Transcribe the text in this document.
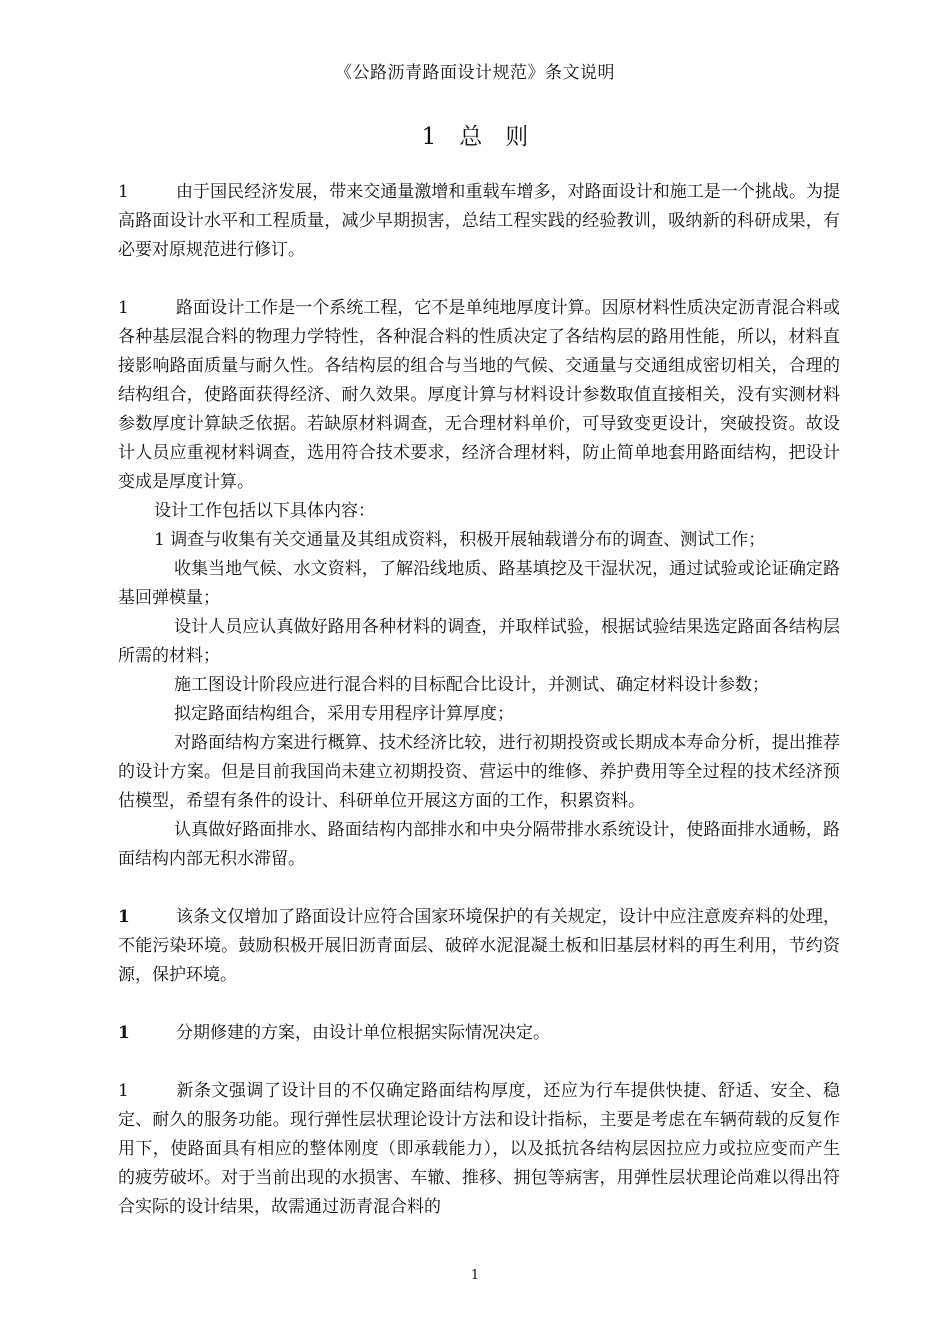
《公路沥青路面设计规范》条文说明
1　总　则

1	由于国民经济发展，带来交通量激增和重载车增多，对路面设计和施工是一个挑战。为提高路面设计水平和工程质量，减少早期损害，总结工程实践的经验教训，吸纳新的科研成果，有必要对原规范进行修订。

1	路面设计工作是一个系统工程，它不是单纯地厚度计算。因原材料性质决定沥青混合料或各种基层混合料的物理力学特性，各种混合料的性质决定了各结构层的路用性能，所以，材料直接影响路面质量与耐久性。各结构层的组合与当地的气候、交通量与交通组成密切相关，合理的结构组合，使路面获得经济、耐久效果。厚度计算与材料设计参数取值直接相关，没有实测材料参数厚度计算缺乏依据。若缺原材料调查，无合理材料单价，可导致变更设计，突破投资。故设计人员应重视材料调查，选用符合技术要求，经济合理材料，防止简单地套用路面结构，把设计变成是厚度计算。

设计工作包括以下具体内容：

1 调查与收集有关交通量及其组成资料，积极开展轴载谱分布的调查、测试工作；

收集当地气候、水文资料，了解沿线地质、路基填挖及干湿状况，通过试验或论证确定路基回弹模量；

设计人员应认真做好路用各种材料的调查，并取样试验，根据试验结果选定路面各结构层所需的材料；

施工图设计阶段应进行混合料的目标配合比设计，并测试、确定材料设计参数；

拟定路面结构组合，采用专用程序计算厚度；

对路面结构方案进行概算、技术经济比较，进行初期投资或长期成本寿命分析，提出推荐的设计方案。但是目前我国尚未建立初期投资、营运中的维修、养护费用等全过程的技术经济预估模型，希望有条件的设计、科研单位开展这方面的工作，积累资料。

认真做好路面排水、路面结构内部排水和中央分隔带排水系统设计，使路面排水通畅，路面结构内部无积水滞留。

1	该条文仅增加了路面设计应符合国家环境保护的有关规定，设计中应注意废弃料的处理，不能污染环境。鼓励积极开展旧沥青面层、破碎水泥混凝土板和旧基层材料的再生利用，节约资源，保护环境。

1	分期修建的方案，由设计单位根据实际情况决定。

1	新条文强调了设计目的不仅确定路面结构厚度，还应为行车提供快捷、舒适、安全、稳定、耐久的服务功能。现行弹性层状理论设计方法和设计指标，主要是考虑在车辆荷载的反复作用下，使路面具有相应的整体刚度（即承载能力），以及抵抗各结构层因拉应力或拉应变而产生的疲劳破坏。对于当前出现的水损害、车辙、推移、拥包等病害，用弹性层状理论尚难以得出符合实际的设计结果，故需通过沥青混合料的

1
